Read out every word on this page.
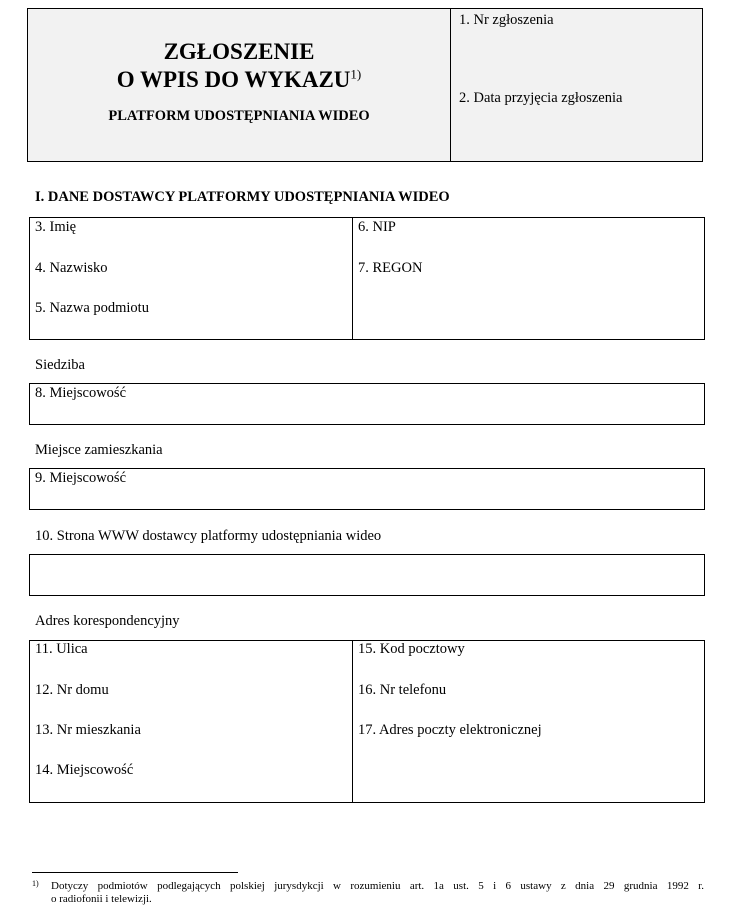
ZGŁOSZENIE
O WPIS DO WYKAZU$^{1)}$
PLATFORM UDOSTĘPNIANIA WIDEO
1. Nr zgłoszenia
2. Data przyjęcia zgłoszenia
I. DANE DOSTAWCY PLATFORMY UDOSTĘPNIANIA WIDEO
3. Imię
4. Nazwisko
5. Nazwa podmiotu
6. NIP
7. REGON
Siedziba
8. Miejscowość
Miejsce zamieszkania
9. Miejscowość
10. Strona WWW dostawcy platformy udostępniania wideo
Adres korespondencyjny
11. Ulica
12. Nr domu
13. Nr mieszkania
14. Miejscowość
15. Kod pocztowy
16. Nr telefonu
17. Adres poczty elektronicznej
1)	Dotyczy podmiotów podlegających polskiej jurysdykcji w rozumieniu art. 1a ust. 5 i 6 ustawy z dnia 29 grudnia 1992 r.
o radiofonii i telewizji.
